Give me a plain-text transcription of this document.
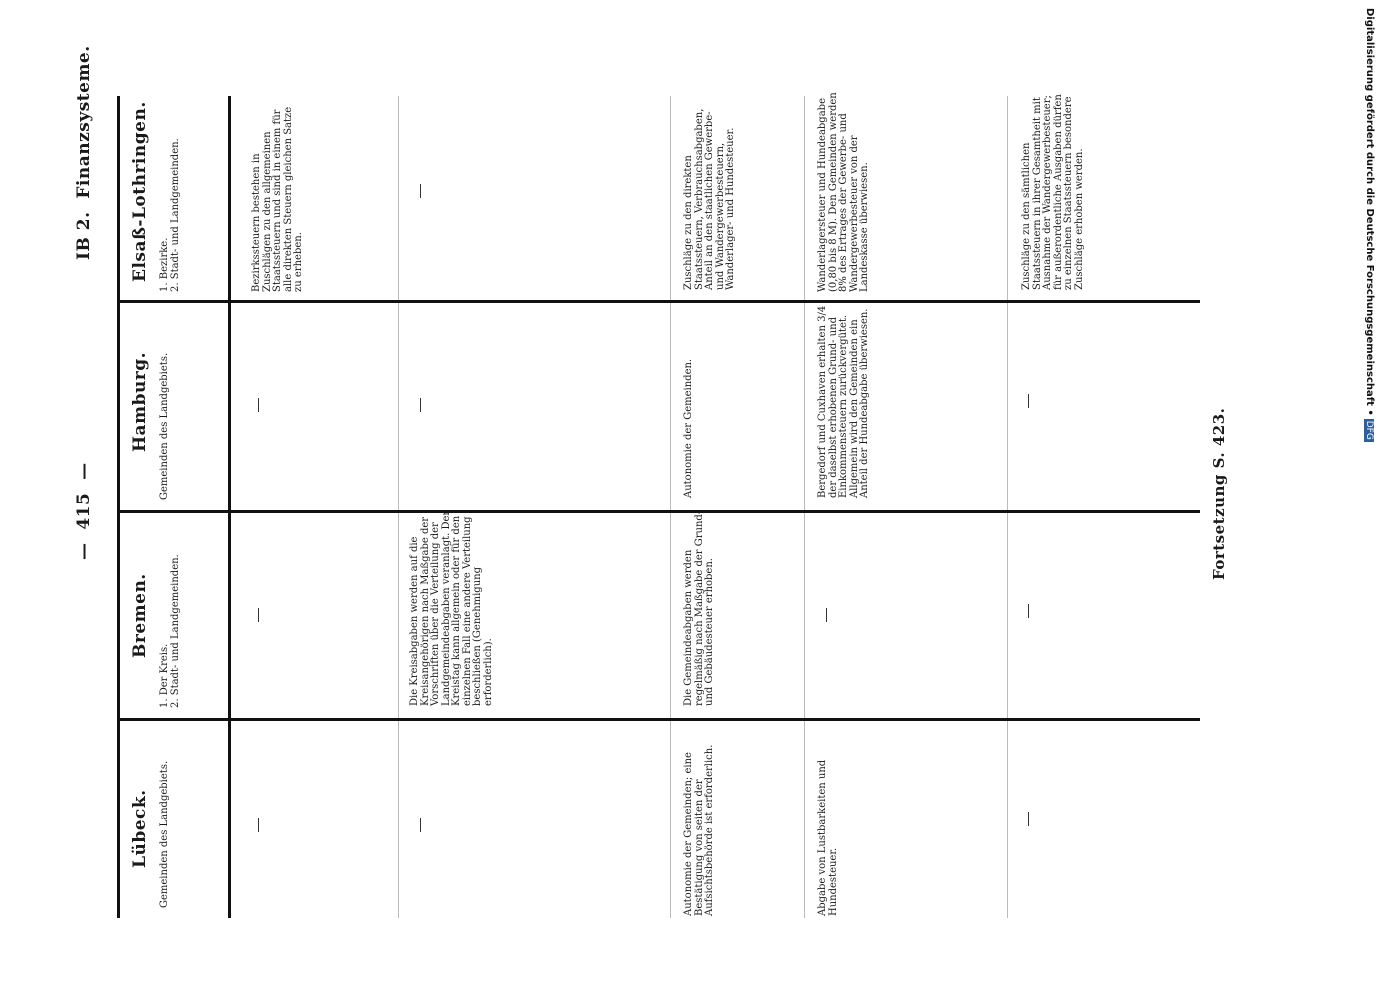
IB 2.  Finanzsysteme.
—  415  —
Lübeck.
Bremen.
Hamburg.
Elsaß-Lothringen.

Gemeinden des Landgebiets.

1. Der Kreis. 2. Stadt- und Landgemeinden.

Gemeinden des Landgebiets.

1. Bezirke. 2. Stadt- und Landgemeinden.	Bezirkssteuern bestehen in Zuschlägen zu den allgemeinen Staatssteuern und sind in einem für alle direkten Steuern gleichen Satze zu erheben.

Die Kreisabgaben werden auf die Kreisangehörigen nach Maßgabe der Vorschriften über die Verteilung der Landgemeindeabgaben veranlagt. Der Kreistag kann allgemein oder für den einzelnen Fall eine andere Verteilung beschließen (Genehmigung erforderlich).

Autonomie der Gemeinden; eine Bestätigung von seiten der Aufsichtsbehörde ist erforderlich.

Die Gemeindeabgaben werden regelmäßig nach Maßgabe der Grund- und Gebäudesteuer erhoben.

Autonomie der Gemeinden.

Zuschläge zu den direkten Staatssteuern, Verbrauchsabgaben, Anteil an den staatlichen Gewerbe- und Wandergewerbesteuern, Wanderlager- und Hundesteuer.

Abgabe von Lustbarkeiten und Hundesteuer.

Bergedorf und Cuxhaven erhalten 3/4 der daselbst erhobenen Grund- und Einkommensteuern zurückvergütet. Allgemein wird den Gemeinden ein Anteil der Hundeabgabe überwiesen.

Wanderlagersteuer und Hundeabgabe (0,80 bis 8 M). Den Gemeinden werden 8% des Ertrages der Gewerbe- und Wandergewerbesteuer von der Landeskasse überwiesen.	Zuschläge zu den sämtlichen Staatssteuern in ihrer Gesamtheit mit Ausnahme der Wandergewerbesteuer; für außerordentliche Ausgaben dürfen zu einzelnen Staatssteuern besondere Zuschläge erhoben werden.

Fortsetzung S. 423.
Digitalisierung gefördert durch die Deutsche Forschungsgemeinschaft •DFG
